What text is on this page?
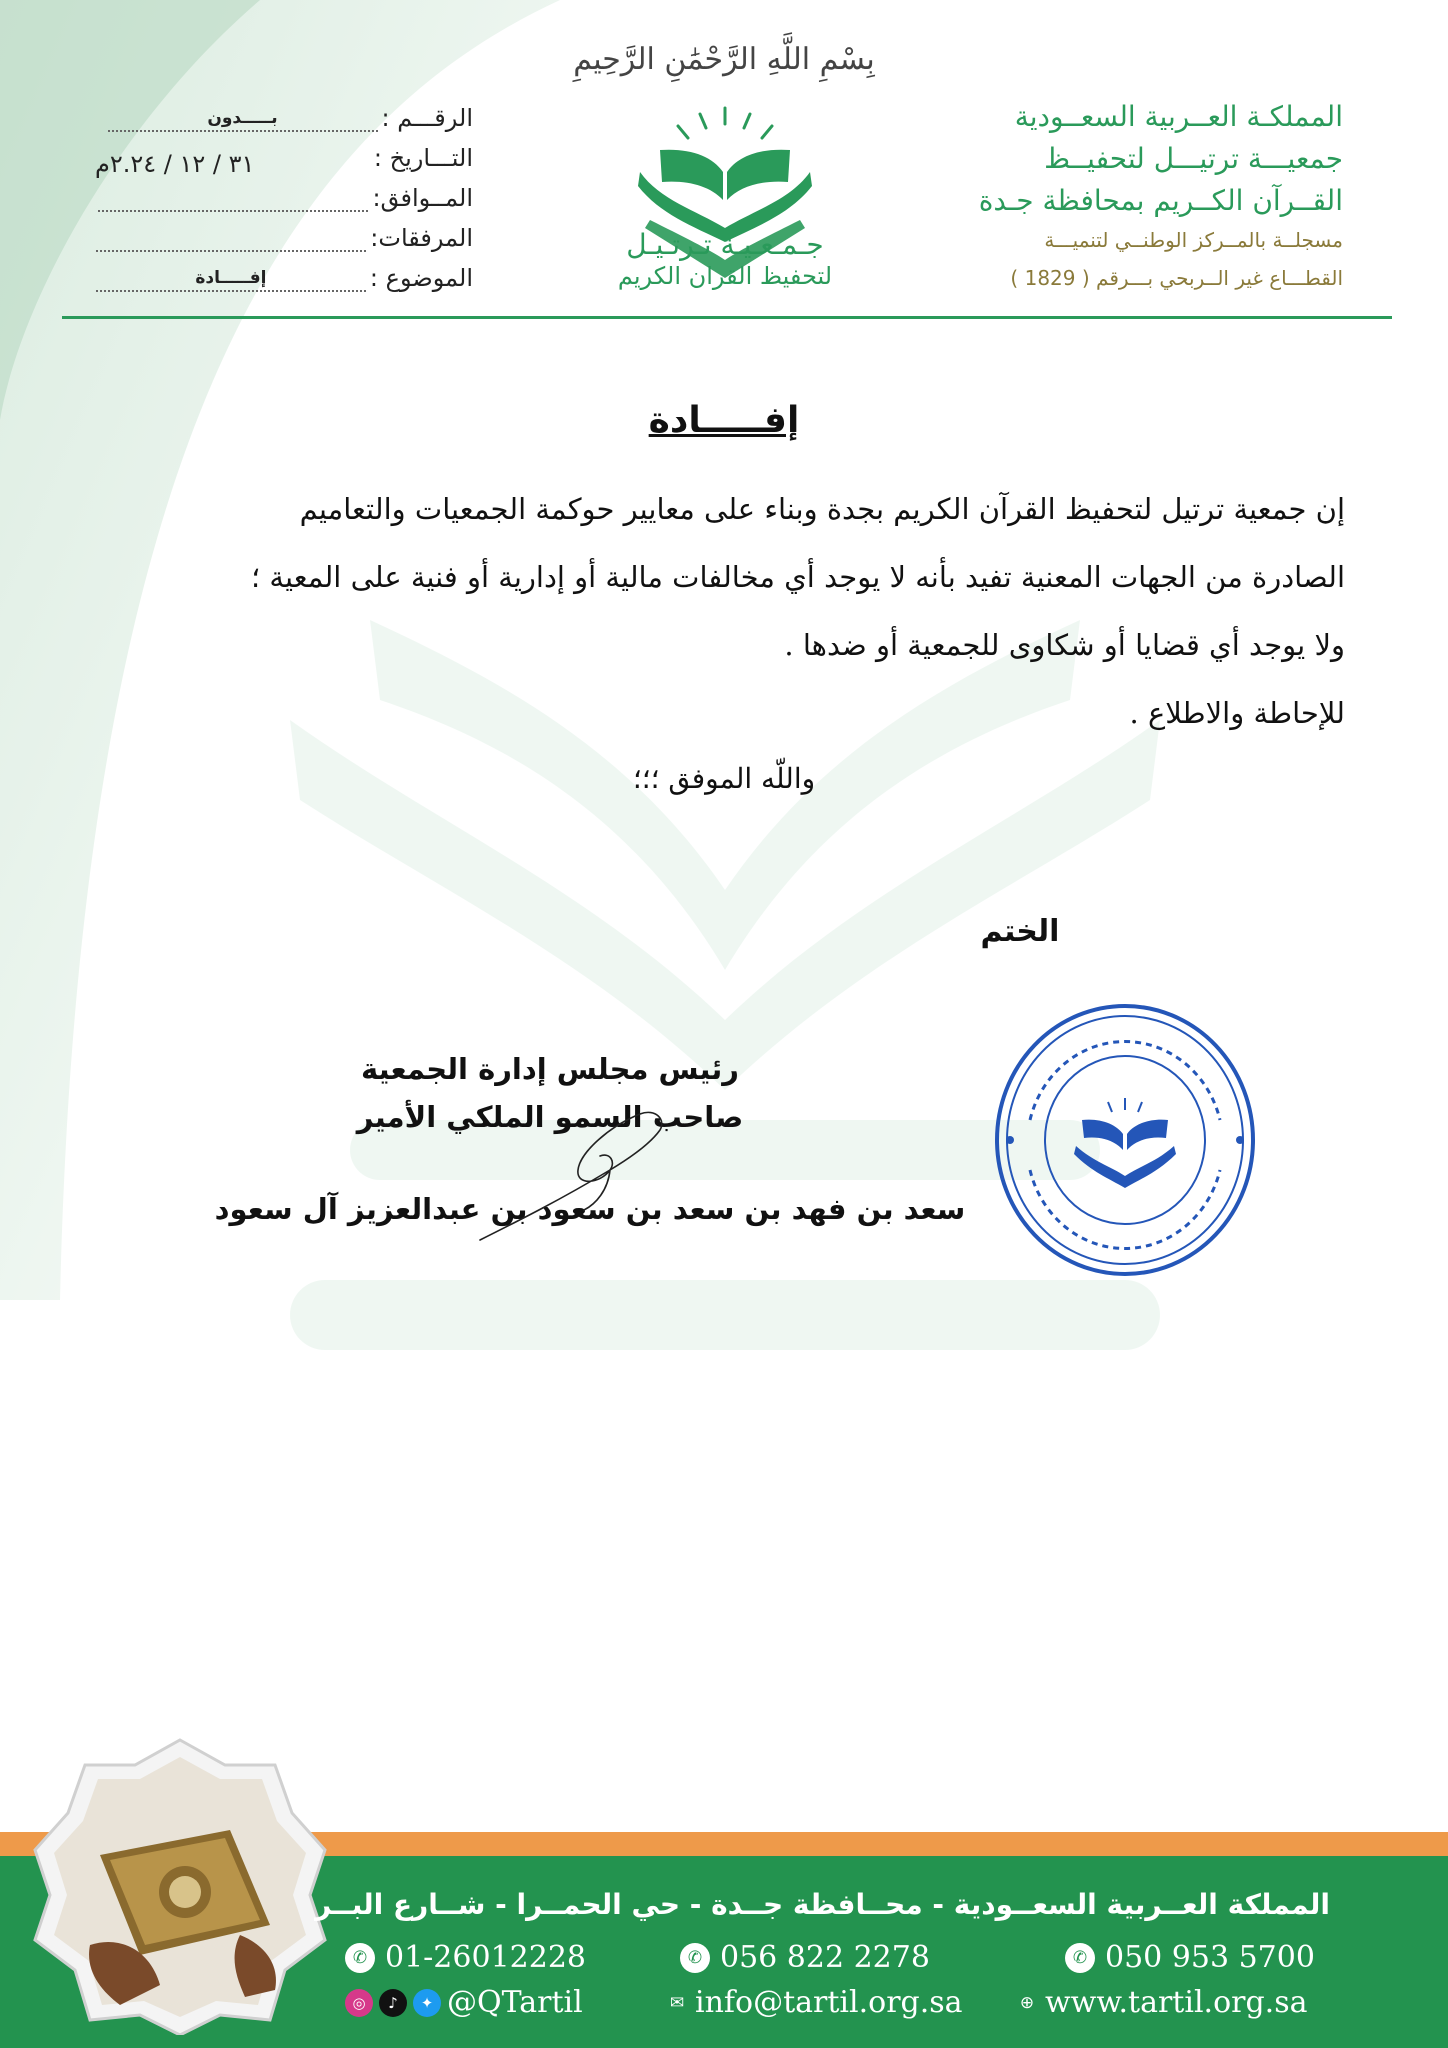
بِسْمِ اللَّهِ الرَّحْمَٰنِ الرَّحِيمِ
المملكـة العــربية السعــودية
جمعيـــة ترتيـــل لتحفيــظ
القــرآن الكــريم بمحافظة جـدة
مسجلــة بالمــركز الوطنــي لتنميـــة
القطـــاع غير الــربحي بـــرقم ( 1829 )
جـمـعـيـة تـرتـيـل
لتحفيظ القران الكريم
الرقـــم :
بـــــدون
التـــاريخ :
٣١ / ١٢ / ٢.٢٤م
المــوافق:
المرفقات:
الموضوع :
إفـــــادة
إفـــــادة
إن جمعية ترتيل لتحفيظ القرآن الكريم بجدة وبناء على معايير حوكمة الجمعيات والتعاميم
الصادرة من الجهات المعنية تفيد بأنه لا يوجد أي مخالفات مالية أو إدارية أو فنية على المعية ؛
ولا يوجد أي قضايا أو شكاوى للجمعية أو ضدها .
للإحاطة والاطلاع .
واللّه الموفق ؛؛؛
الختم
رئيس مجلس إدارة الجمعية
صاحب السمو الملكي الأمير
سعد بن فهد بن سعد بن سعود بن عبدالعزيز آل سعود
المملكة العــربية السعــودية - محــافظة جــدة - حي الحمــرا - شــارع البــر
✆ 01-26012228	✆ 056 822 2278	✆ 050 953 5700
◎	♪	✦ @QTartil	✉ info@tartil.org.sa	⊕ www.tartil.org.sa
